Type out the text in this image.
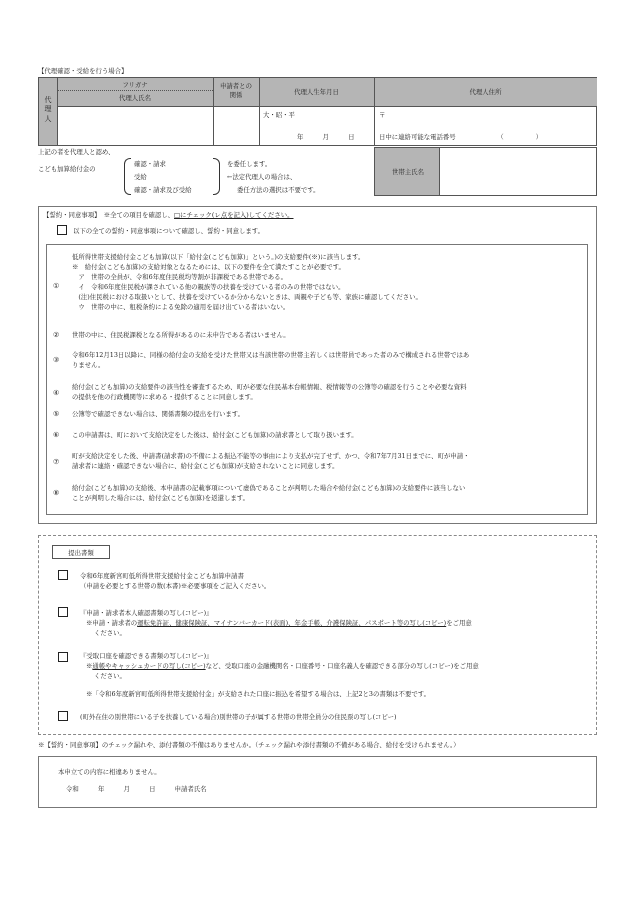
【代理確認・受給を行う場合】
代
理
人
フリガナ
代理人氏名
申請者との
関係	代理人生年月日	代理人住所
大・昭・平
年　　　月　　　日
〒
日中に連絡可能な電話番号　　　　　　　（　　　　　）
上記の者を代理人と認め、
こども加算給付金の
確認・請求
受給
確認・請求及び受給
を委任します。
←法定代理人の場合は、
委任方法の選択は不要です。
世帯主氏名
【誓約・同意事項】　 ※全ての項目を確認し、□にチェック(レ点を記入)してください。
以下の全ての誓約・同意事項について確認し、誓約・同意します。
①
低所得世帯支援給付金こども加算(以下「給付金(こども加算)」という。)の支給要件(※)に該当します。
※　給付金(こども加算)の支給対象となるためには、以下の要件を全て満たすことが必要です。
　ア　世帯の全員が、令和6年度住民税均等割が非課税である世帯である。
　イ　令和6年度住民税が課されている他の親族等の扶養を受けている者のみの世帯ではない。
　(注)住民税における取扱いとして、扶養を受けているか分からないときは、両親や子ども等、家族に確認してください。
　ウ　世帯の中に、租税条約による免除の適用を届け出ている者はいない。
② 世帯の中に、住民税課税となる所得があるのに未申告である者はいません。
③
令和6年12月13日以降に、同様の給付金の支給を受けた世帯又は当該世帯の世帯主若しくは世帯員であった者のみで構成される世帯ではあ
りません。
④
給付金(こども加算)の支給要件の該当性を審査するため、町が必要な住民基本台帳情報、税情報等の公簿等の確認を行うことや必要な資料
の提供を他の行政機関等に求める・提供することに同意します。
⑤ 公簿等で確認できない場合は、関係書類の提出を行います。
⑥ この申請書は、町において支給決定をした後は、給付金(こども加算)の請求書として取り扱います。
⑦
町が支給決定をした後、申請書(請求書)の不備による振込不能等の事由により支払が完了せず、かつ、令和7年7月31日までに、町が申請・
請求者に連絡・確認できない場合に、給付金(こども加算)が支給されないことに同意します。
⑧
給付金(こども加算)の支給後、本申請書の記載事項について虚偽であることが判明した場合や給付金(こども加算)の支給要件に該当しない
ことが判明した場合には、給付金(こども加算)を返還します。
提出書類
令和6年度新宮町低所得世帯支援給付金こども加算申請書
（申請を必要とする世帯の数(本書)※必要事項をご記入ください。
『申請・請求者本人確認書類の写し(コピー)』
※申請・請求者の運転免許証、健康保険証、マイナンバーカード(表面)、年金手帳、介護保険証、パスポート等の写し(コピー)をご用意
ください。
『受取口座を確認できる書類の写し(コピー)』
※通帳やキャッシュカードの写し(コピー)など、受取口座の金融機関名・口座番号・口座名義人を確認できる部分の写し(コピー)をご用意
ください。
※「令和6年度新宮町低所得世帯支援給付金」が支給された口座に振込を希望する場合は、上記2と3の書類は不要です。
(町外在住の別世帯にいる子を扶養している場合)別世帯の子が属する世帯の世帯全員分の住民票の写し(コピー)
※【誓約・同意事項】のチェック漏れや、添付書類の不備はありませんか。（チェック漏れや添付書類の不備がある場合、給付を受けられません。）
本申立ての内容に相違ありません。
令和　　　年　　　月　　　日　　　申請者氏名
